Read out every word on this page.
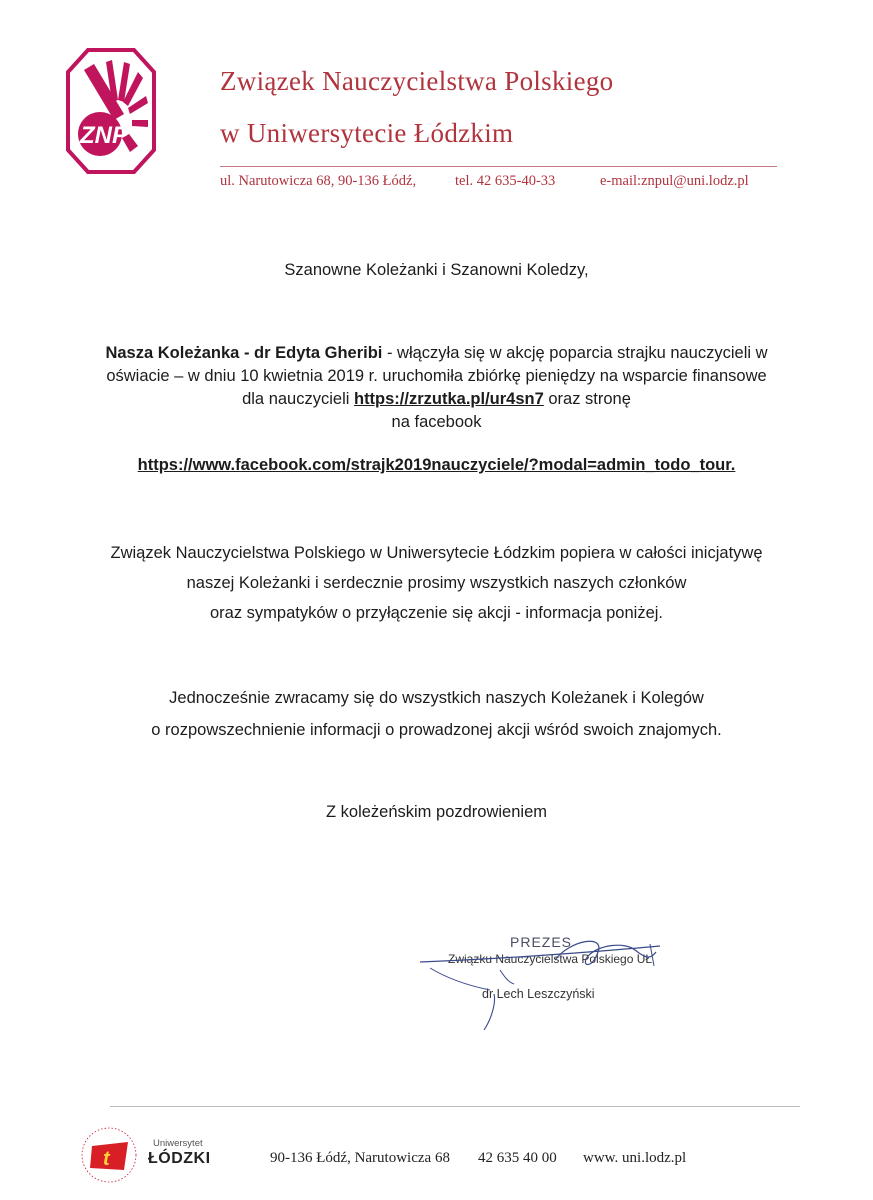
ZNP
Związek Nauczycielstwa Polskiego
w Uniwersytecie Łódzkim
ul. Narutowicza 68, 90-136 Łódź,	tel. 42 635-40-33	e-mail:znpul@uni.lodz.pl
Szanowne Koleżanki i Szanowni Koledzy,
Nasza Koleżanka - dr Edyta Gheribi - włączyła się w akcję poparcia strajku nauczycieli w
oświacie – w dniu 10 kwietnia 2019 r. uruchomiła zbiórkę pieniędzy na wsparcie finansowe
dla nauczycieli https://zrzutka.pl/ur4sn7 oraz stronę
na facebook
https://www.facebook.com/strajk2019nauczyciele/?modal=admin_todo_tour.
Związek Nauczycielstwa Polskiego w Uniwersytecie Łódzkim popiera w całości inicjatywę
naszej Koleżanki i serdecznie prosimy wszystkich naszych członków
oraz sympatyków o przyłączenie się akcji - informacja poniżej.
Jednocześnie zwracamy się do wszystkich naszych Koleżanek i Kolegów
o rozpowszechnienie informacji o prowadzonej akcji wśród swoich znajomych.
Z koleżeńskim pozdrowieniem
PREZES
Związku Nauczycielstwa Polskiego UŁ
dr Lech Leszczyński
t
Uniwersytet
ŁÓDZKI	90-136 Łódź, Narutowicza 68 42 635 40 00 www. uni.lodz.pl
